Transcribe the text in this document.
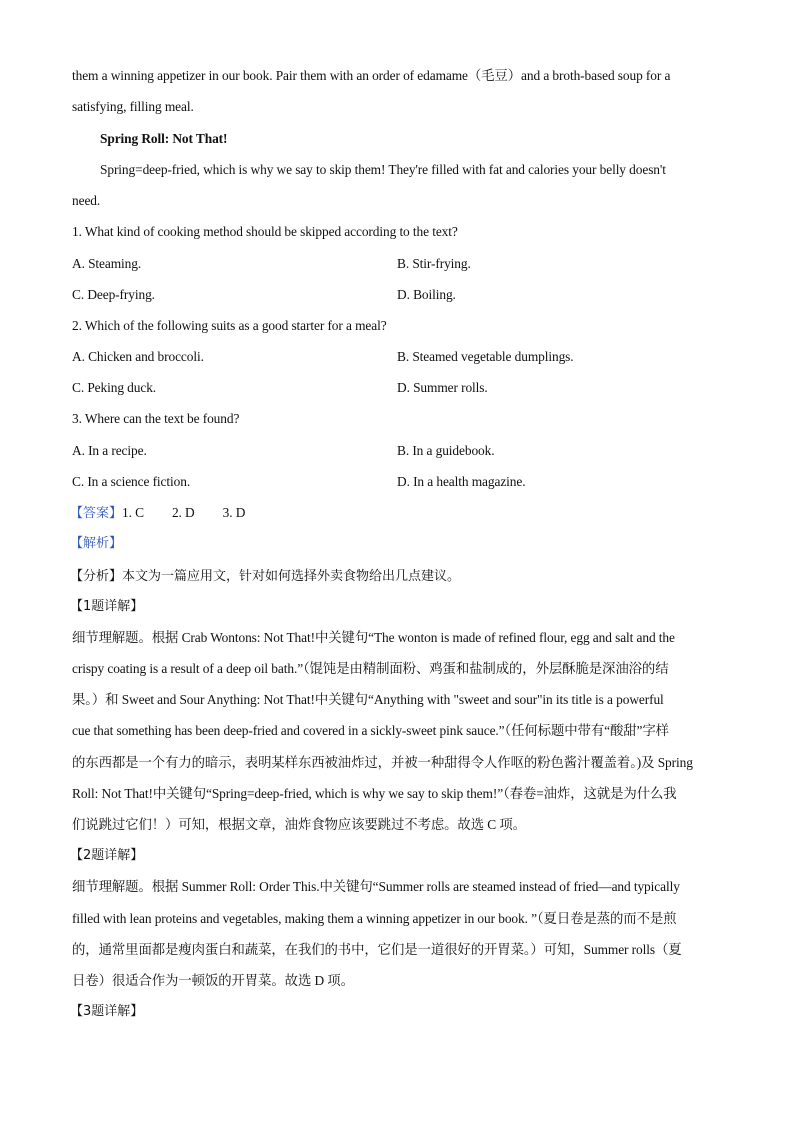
them a winning appetizer in our book. Pair them with an order of edamame（毛豆）and a broth-based soup for a
satisfying, filling meal.
Spring Roll: Not That!
Spring=deep-fried, which is why we say to skip them! They're filled with fat and calories your belly doesn't
need.
1. What kind of cooking method should be skipped according to the text?
A. Steaming.	B. Stir-frying.
C. Deep-frying.	D. Boiling.
2. Which of the following suits as a good starter for a meal?
A. Chicken and broccoli.	B. Steamed vegetable dumplings.
C. Peking duck.	D. Summer rolls.
3. Where can the text be found?
A. In a recipe.	B. In a guidebook.
C. In a science fiction.	D. In a health magazine.
【答案】1. C 2. D 3. D
【解析】
【分析】本文为一篇应用文，针对如何选择外卖食物给出几点建议。
【1题详解】
细节理解题。根据 Crab Wontons: Not That!中关键句“The wonton is made of refined flour, egg and salt and the
crispy coating is a result of a deep oil bath.”（馄饨是由精制面粉、鸡蛋和盐制成的，外层酥脆是深油浴的结
果。）和 Sweet and Sour Anything: Not That!中关键句“Anything with "sweet and sour"in its title is a powerful
cue that something has been deep-fried and covered in a sickly-sweet pink sauce.”（任何标题中带有“酸甜”字样
的东西都是一个有力的暗示，表明某样东西被油炸过，并被一种甜得令人作呕的粉色酱汁覆盖着。)及 Spring
Roll: Not That!中关键句“Spring=deep-fried, which is why we say to skip them!”（春卷=油炸，这就是为什么我
们说跳过它们！）可知，根据文章，油炸食物应该要跳过不考虑。故选 C 项。
【2题详解】
细节理解题。根据 Summer Roll: Order This.中关键句“Summer rolls are steamed instead of fried—and typically
filled with lean proteins and vegetables, making them a winning appetizer in our book. ”（夏日卷是蒸的而不是煎
的，通常里面都是瘦肉蛋白和蔬菜，在我们的书中，它们是一道很好的开胃菜。）可知，Summer rolls（夏
日卷）很适合作为一顿饭的开胃菜。故选 D 项。
【3题详解】
